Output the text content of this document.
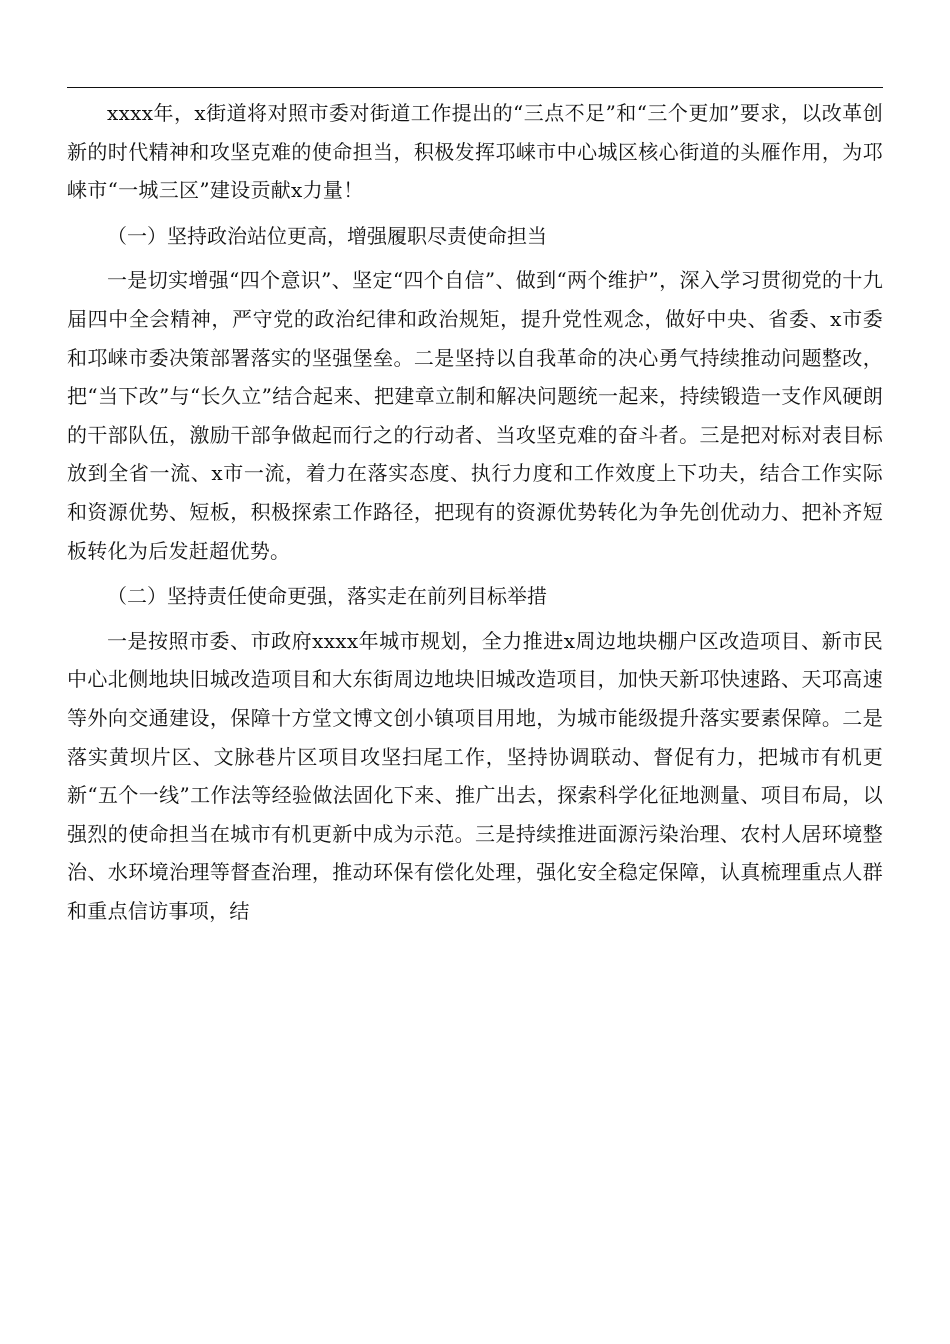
xxxx年，x街道将对照市委对街道工作提出的“三点不足”和“三个更加”要求，以改革创新的时代精神和攻坚克难的使命担当，积极发挥邛崃市中心城区核心街道的头雁作用，为邛崃市“一城三区”建设贡献x力量！

（一）坚持政治站位更高，增强履职尽责使命担当

一是切实增强“四个意识”、坚定“四个自信”、做到“两个维护”，深入学习贯彻党的十九届四中全会精神，严守党的政治纪律和政治规矩，提升党性观念，做好中央、省委、x市委和邛崃市委决策部署落实的坚强堡垒。二是坚持以自我革命的决心勇气持续推动问题整改，把“当下改”与“长久立”结合起来、把建章立制和解决问题统一起来，持续锻造一支作风硬朗的干部队伍，激励干部争做起而行之的行动者、当攻坚克难的奋斗者。三是把对标对表目标放到全省一流、x市一流，着力在落实态度、执行力度和工作效度上下功夫，结合工作实际和资源优势、短板，积极探索工作路径，把现有的资源优势转化为争先创优动力、把补齐短板转化为后发赶超优势。

（二）坚持责任使命更强，落实走在前列目标举措

一是按照市委、市政府xxxx年城市规划，全力推进x周边地块棚户区改造项目、新市民中心北侧地块旧城改造项目和大东街周边地块旧城改造项目，加快天新邛快速路、天邛高速等外向交通建设，保障十方堂文博文创小镇项目用地，为城市能级提升落实要素保障。二是落实黄坝片区、文脉巷片区项目攻坚扫尾工作，坚持协调联动、督促有力，把城市有机更新“五个一线”工作法等经验做法固化下来、推广出去，探索科学化征地测量、项目布局，以强烈的使命担当在城市有机更新中成为示范。三是持续推进面源污染治理、农村人居环境整治、水环境治理等督查治理，推动环保有偿化处理，强化安全稳定保障，认真梳理重点人群和重点信访事项，结
